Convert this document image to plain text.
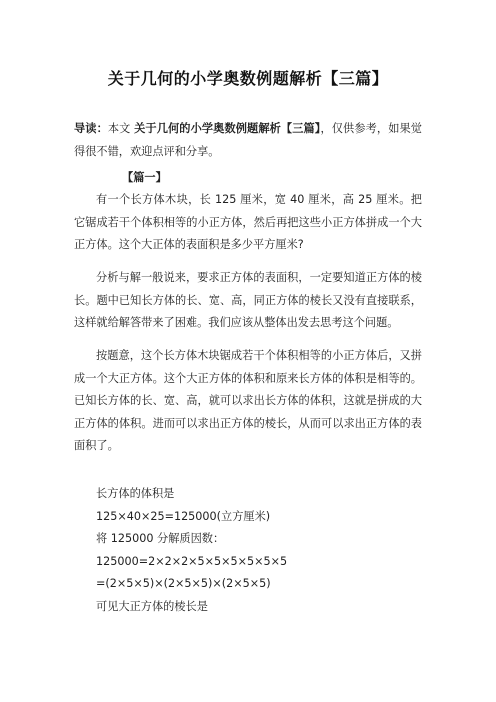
关于几何的小学奥数例题解析【三篇】
导读：本文 关于几何的小学奥数例题解析【三篇】，仅供参考，如果觉得很不错，欢迎点评和分享。
【篇一】
有一个长方体木块，长 125 厘米，宽 40 厘米，高 25 厘米。把它锯成若干个体积相等的小正方体，然后再把这些小正方体拼成一个大正方体。这个大正体的表面积是多少平方厘米?
分析与解一般说来，要求正方体的表面积，一定要知道正方体的棱长。题中已知长方体的长、宽、高，同正方体的棱长又没有直接联系，这样就给解答带来了困难。我们应该从整体出发去思考这个问题。
按题意，这个长方体木块锯成若干个体积相等的小正方体后，又拼成一个大正方体。这个大正方体的体积和原来长方体的体积是相等的。已知长方体的长、宽、高，就可以求出长方体的体积，这就是拼成的大正方体的体积。进而可以求出正方体的棱长，从而可以求出正方体的表面积了。
长方体的体积是
125×40×25=125000(立方厘米)
将 125000 分解质因数：
125000=2×2×2×5×5×5×5×5×5
=(2×5×5)×(2×5×5)×(2×5×5)
可见大正方体的棱长是
